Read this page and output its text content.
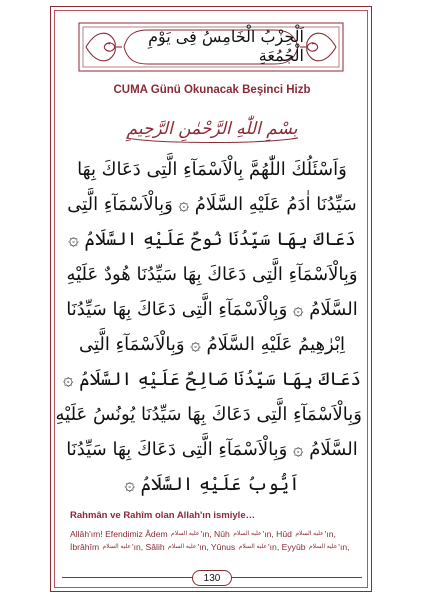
اَلْحِزْبُ الْخَامِسُ فِى يَوْمِ الْجُمُعَةِ
CUMA Günü Okunacak Beşinci Hizb
بِسْمِ اللّٰهِ الرَّحْمٰنِ الرَّحِيمِ
وَاَسْئَلُكَ اللّٰهُمَّ بِالْاَسْمَآءِ الَّتِى دَعَاكَ بِهَا
سَيِّدُنَا اٰدَمُ عَلَيْهِ السَّلَامُ ۞ وَبِالْاَسْمَآءِ الَّتِى
دَعَاكَ بِهَا سَيِّدُنَا نُوحٌ عَلَيْهِ السَّلَامُ ۞
وَبِالْاَسْمَآءِ الَّتِى دَعَاكَ بِهَا سَيِّدُنَا هُودٌ عَلَيْهِ
السَّلَامُ ۞ وَبِالْاَسْمَآءِ الَّتِى دَعَاكَ بِهَا سَيِّدُنَا
اِبْرٰهِيمُ عَلَيْهِ السَّلَامُ ۞ وَبِالْاَسْمَآءِ الَّتِى
دَعَاكَ بِهَا سَيِّدُنَا صَالِحٌ عَلَيْهِ السَّلَامُ ۞
وَبِالْاَسْمَآءِ الَّتِى دَعَاكَ بِهَا سَيِّدُنَا يُونُسُ عَلَيْهِ
السَّلَامُ ۞ وَبِالْاَسْمَآءِ الَّتِى دَعَاكَ بِهَا سَيِّدُنَا
اَيُّوبُ عَلَيْهِ السَّلَامُ ۞
Rahmân ve Rahîm olan Allah'ın ismiyle…
Allâh'ım! Efendimiz Âdem عليه السلام'ın, Nûh عليه السلام'ın, Hûd عليه السلام'ın,
İbrâhîm عليه السلام'ın, Sâlih عليه السلام'ın, Yûnus عليه السلام'ın, Eyyûb عليه السلام'ın,
130
